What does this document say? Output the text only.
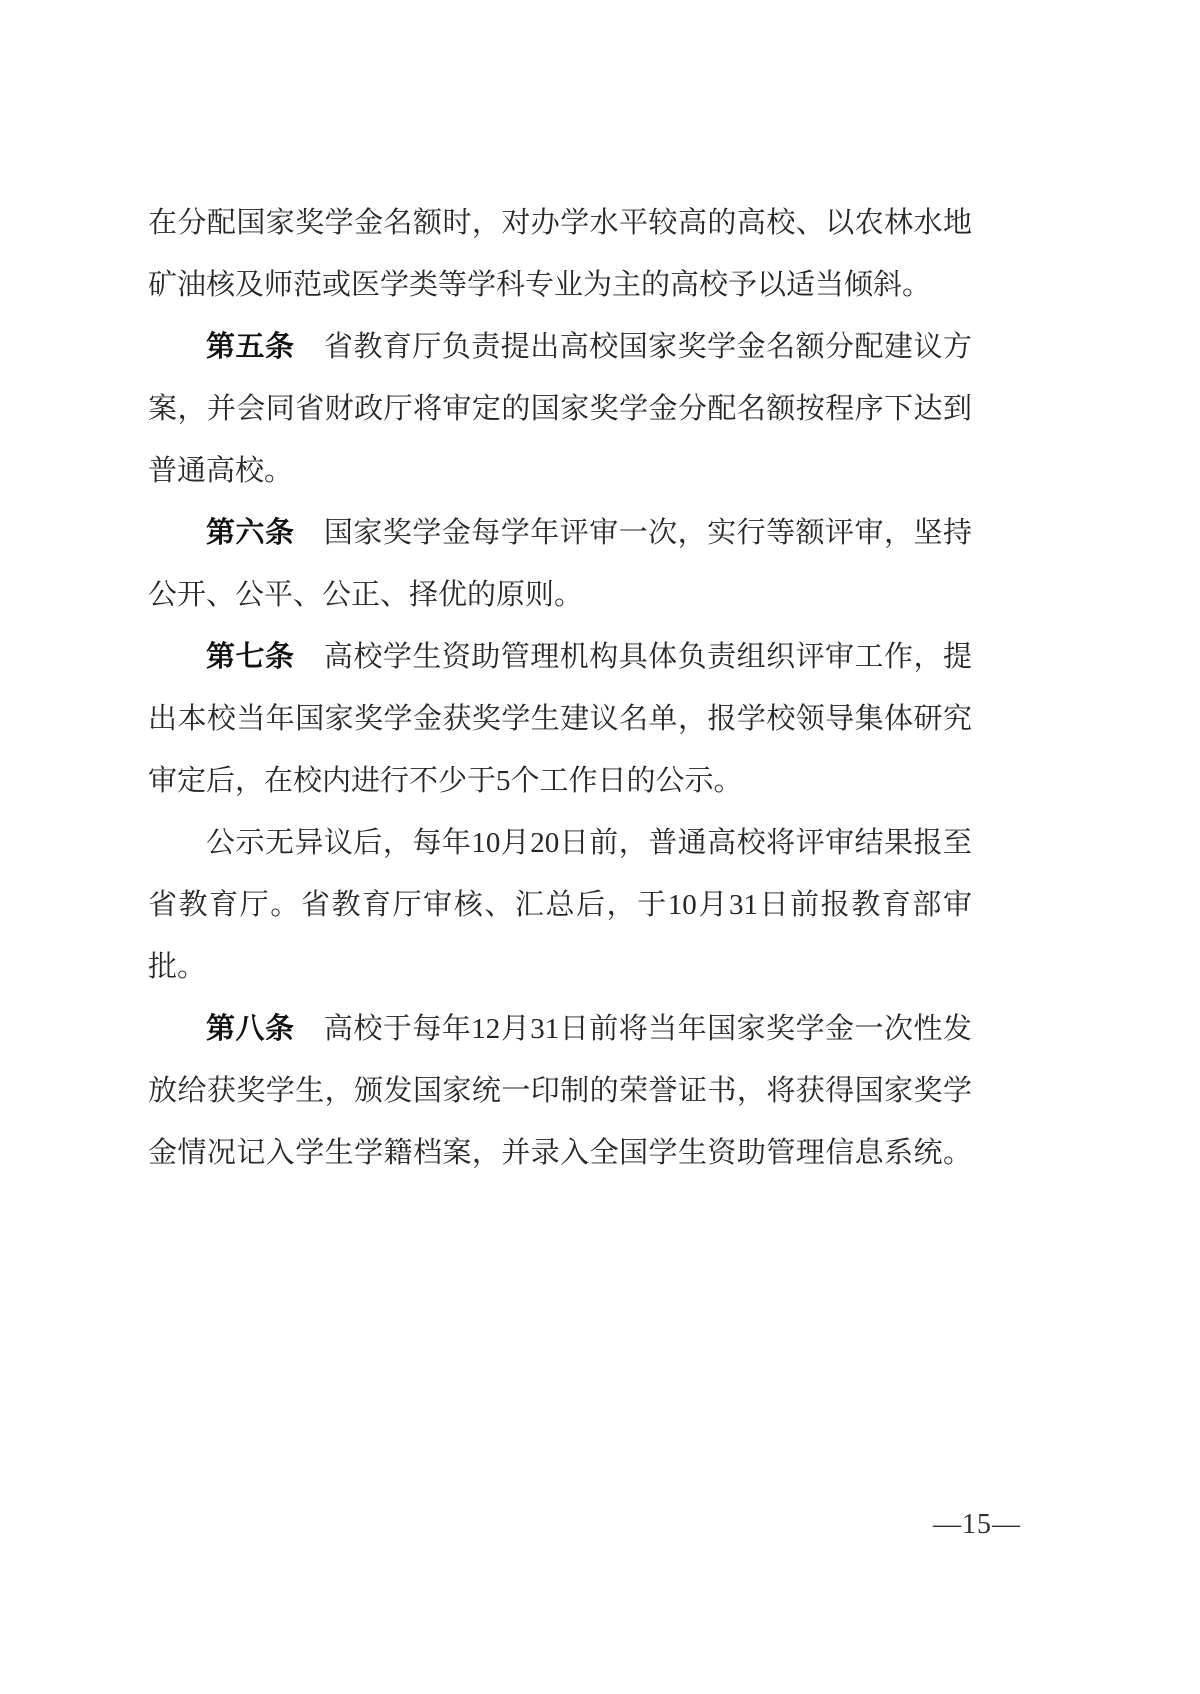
在分配国家奖学金名额时，对办学水平较高的高校、以农林水地
矿油核及师范或医学类等学科专业为主的高校予以适当倾斜。
第五条　省教育厅负责提出高校国家奖学金名额分配建议方
案，并会同省财政厅将审定的国家奖学金分配名额按程序下达到
普通高校。
第六条　国家奖学金每学年评审一次，实行等额评审，坚持
公开、公平、公正、择优的原则。
第七条　高校学生资助管理机构具体负责组织评审工作，提
出本校当年国家奖学金获奖学生建议名单，报学校领导集体研究
审定后，在校内进行不少于5个工作日的公示。
公示无异议后，每年10月20日前，普通高校将评审结果报至
省教育厅。省教育厅审核、汇总后，于10月31日前报教育部审
批。
第八条　高校于每年12月31日前将当年国家奖学金一次性发
放给获奖学生，颁发国家统一印制的荣誉证书，将获得国家奖学
金情况记入学生学籍档案，并录入全国学生资助管理信息系统。
—15—
